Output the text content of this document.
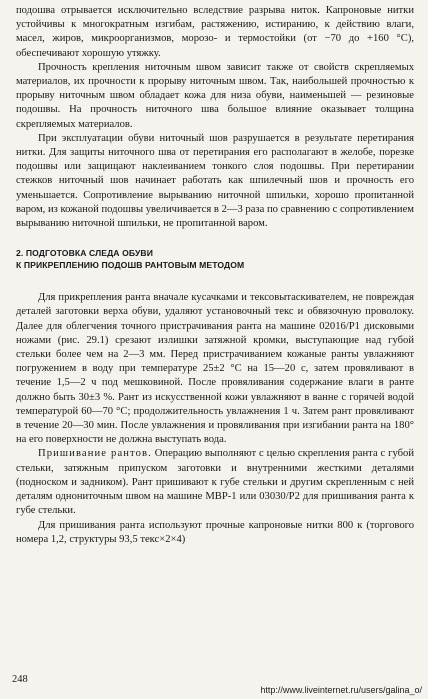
подошва отрывается исключительно вследствие разрыва ниток. Капроновые нитки устойчивы к многократным изгибам, растяжению, истиранию, к действию влаги, масел, жиров, микроорганизмов, морозо- и термостойки (от −70 до +160 °С), обеспечивают хорошую утяжку.

Прочность крепления ниточным швом зависит также от свойств скрепляемых материалов, их прочности к прорыву ниточным швом. Так, наибольшей прочностью к прорыву ниточным швом обладает кожа для низа обуви, наименьшей — резиновые подошвы. На прочность ниточного шва большое влияние оказывает толщина скрепляемых материалов.

При эксплуатации обуви ниточный шов разрушается в результате перетирания нитки. Для защиты ниточного шва от перетирания его располагают в желобе, порезке подошвы или защищают наклеиванием тонкого слоя подошвы. При перетирании стежков ниточный шов начинает работать как шпилечный шов и прочность его уменьшается. Сопротивление вырыванию ниточной шпильки, хорошо пропитанной варом, из кожаной подошвы увеличивается в 2—3 раза по сравнению с сопротивлением вырыванию ниточной шпильки, не пропитанной варом.

2. ПОДГОТОВКА СЛЕДА ОБУВИ
К ПРИКРЕПЛЕНИЮ ПОДОШВ РАНТОВЫМ МЕТОДОМ

Для прикрепления ранта вначале кусачками и тексовытаскивателем, не повреждая деталей заготовки верха обуви, удаляют установочный текс и обвязочную проволоку. Далее для облегчения точного пристрачивания ранта на машине 02016/Р1 дисковыми ножами (рис. 29.1) срезают излишки затяжной кромки, выступающие над губой стельки более чем на 2—3 мм. Перед пристрачиванием кожаные ранты увлажняют погружением в воду при температуре 25±2 °С на 15—20 с, затем провяливают в течение 1,5—2 ч под мешковиной. После провяливания содержание влаги в ранте должно быть 30±3 %. Рант из искусственной кожи увлажняют в ванне с горячей водой температурой 60—70 °С; продолжительность увлажнения 1 ч. Затем рант провяливают в течение 20—30 мин. После увлажнения и провяливания при изгибании ранта на 180° на его поверхности не должна выступать вода.

Пришивание рантов. Операцию выполняют с целью скрепления ранта с губой стельки, затяжным припуском заготовки и внутренними жесткими деталями (подноском и задником). Рант пришивают к губе стельки и другим скрепленным с ней деталям однониточным швом на машине МВР-1 или 03030/Р2 для пришивания ранта к губе стельки.

Для пришивания ранта используют прочные капроновые нитки 800 к (торгового номера 1,2, структуры 93,5 текс×2×4)

248
http://www.liveinternet.ru/users/galina_o/
